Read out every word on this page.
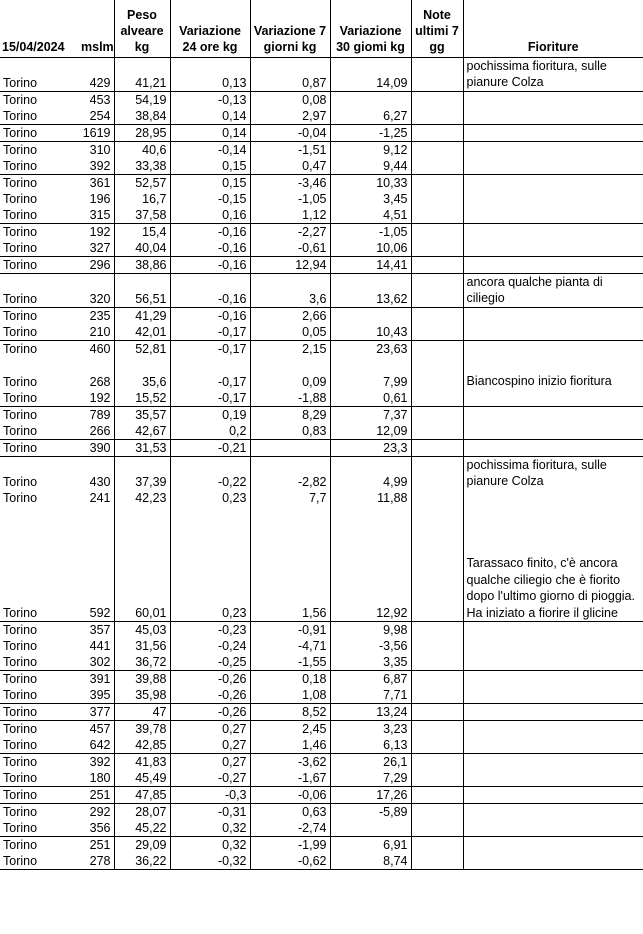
15/04/2024	mslm	Peso alveare kg	Variazione 24 ore kg	Variazione 7 giorni kg	Variazione 30 giomi kg	Note ultimi 7 gg	Fioriture
Torino	429	41,21	0,13	0,87	14,09		pochissima fioritura, sulle pianure Colza
Torino	453	54,19	-0,13	0,08			
Torino	254	38,84	0,14	2,97	6,27		
Torino	1619	28,95	0,14	-0,04	-1,25		
Torino	310	40,6	-0,14	-1,51	9,12		
Torino	392	33,38	0,15	0,47	9,44		
Torino	361	52,57	0,15	-3,46	10,33		
Torino	196	16,7	-0,15	-1,05	3,45		
Torino	315	37,58	0,16	1,12	4,51		
Torino	192	15,4	-0,16	-2,27	-1,05		
Torino	327	40,04	-0,16	-0,61	10,06		
Torino	296	38,86	-0,16	12,94	14,41		
Torino	320	56,51	-0,16	3,6	13,62		ancora qualche pianta di ciliegio
Torino	235	41,29	-0,16	2,66			
Torino	210	42,01	-0,17	0,05	10,43		
Torino	460	52,81	-0,17	2,15	23,63		
Torino	268	35,6	-0,17	0,09	7,99		Biancospino inizio fioritura
Torino	192	15,52	-0,17	-1,88	0,61		
Torino	789	35,57	0,19	8,29	7,37		
Torino	266	42,67	0,2	0,83	12,09		
Torino	390	31,53	-0,21		23,3		
Torino	430	37,39	-0,22	-2,82	4,99		pochissima fioritura, sulle pianure Colza
Torino	241	42,23	0,23	7,7	11,88		
Torino	592	60,01	0,23	1,56	12,92		Tarassaco finito, c'è ancora qualche ciliegio che è fiorito dopo l'ultimo giorno di pioggia. Ha iniziato a fiorire il glicine
Torino	357	45,03	-0,23	-0,91	9,98		
Torino	441	31,56	-0,24	-4,71	-3,56		
Torino	302	36,72	-0,25	-1,55	3,35		
Torino	391	39,88	-0,26	0,18	6,87		
Torino	395	35,98	-0,26	1,08	7,71		
Torino	377	47	-0,26	8,52	13,24		
Torino	457	39,78	0,27	2,45	3,23		
Torino	642	42,85	0,27	1,46	6,13		
Torino	392	41,83	0,27	-3,62	26,1		
Torino	180	45,49	-0,27	-1,67	7,29		
Torino	251	47,85	-0,3	-0,06	17,26		
Torino	292	28,07	-0,31	0,63	-5,89		
Torino	356	45,22	0,32	-2,74			
Torino	251	29,09	0,32	-1,99	6,91		
Torino	278	36,22	-0,32	-0,62	8,74		
